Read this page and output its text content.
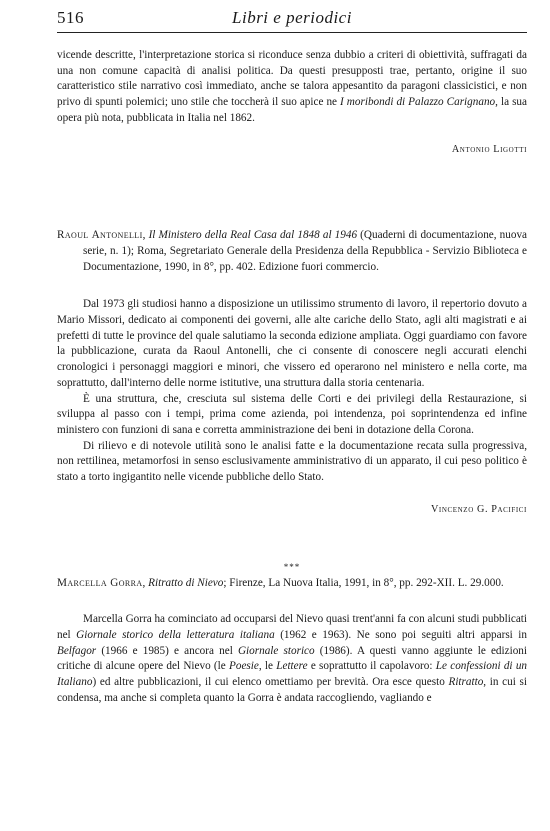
516	Libri e periodici

vicende descritte, l'interpretazione storica si riconduce senza dubbio a criteri di obiettività, suffragati da una non comune capacità di analisi politica. Da questi presupposti trae, pertanto, origine il suo caratteristico stile narrativo così immediato, anche se talora appesantito da paragoni classicistici, e non privo di spunti polemici; uno stile che toccherà il suo apice ne I moribondi di Palazzo Carignano, la sua opera più nota, pubblicata in Italia nel 1862.

Antonio Ligotti

Raoul Antonelli, Il Ministero della Real Casa dal 1848 al 1946 (Quaderni di documentazione, nuova serie, n. 1); Roma, Segretariato Generale della Presidenza della Repubblica - Servizio Biblioteca e Documentazione, 1990, in 8°, pp. 402. Edizione fuori commercio.

Dal 1973 gli studiosi hanno a disposizione un utilissimo strumento di lavoro, il repertorio dovuto a Mario Missori, dedicato ai componenti dei governi, alle alte cariche dello Stato, agli alti magistrati e ai prefetti di tutte le province del quale salutiamo la seconda edizione ampliata. Oggi guardiamo con favore la pubblicazione, curata da Raoul Antonelli, che ci consente di conoscere negli accurati elenchi cronologici i personaggi maggiori e minori, che vissero ed operarono nel ministero e nella corte, ma soprattutto, dall'interno delle norme istitutive, una struttura dalla storia centenaria.

È una struttura, che, cresciuta sul sistema delle Corti e dei privilegi della Restaurazione, si sviluppa al passo con i tempi, prima come azienda, poi intendenza, poi soprintendenza ed infine ministero con funzioni di sana e corretta amministrazione dei beni in dotazione della Corona.

Di rilievo e di notevole utilità sono le analisi fatte e la documentazione recata sulla progressiva, non rettilinea, metamorfosi in senso esclusivamente amministrativo di un apparato, il cui peso politico è stato a torto ingigantito nelle vicende pubbliche dello Stato.

Vincenzo G. Pacifici

***
Marcella Gorra, Ritratto di Nievo; Firenze, La Nuova Italia, 1991, in 8°, pp. 292-XII. L. 29.000.

Marcella Gorra ha cominciato ad occuparsi del Nievo quasi trent'anni fa con alcuni studi pubblicati nel Giornale storico della letteratura italiana (1962 e 1963). Ne sono poi seguiti altri apparsi in Belfagor (1966 e 1985) e ancora nel Giornale storico (1986). A questi vanno aggiunte le edizioni critiche di alcune opere del Nievo (le Poesie, le Lettere e soprattutto il capolavoro: Le confessioni di un Italiano) ed altre pubblicazioni, il cui elenco omettiamo per brevità. Ora esce questo Ritratto, in cui si condensa, ma anche si completa quanto la Gorra è andata raccogliendo, vagliando e
